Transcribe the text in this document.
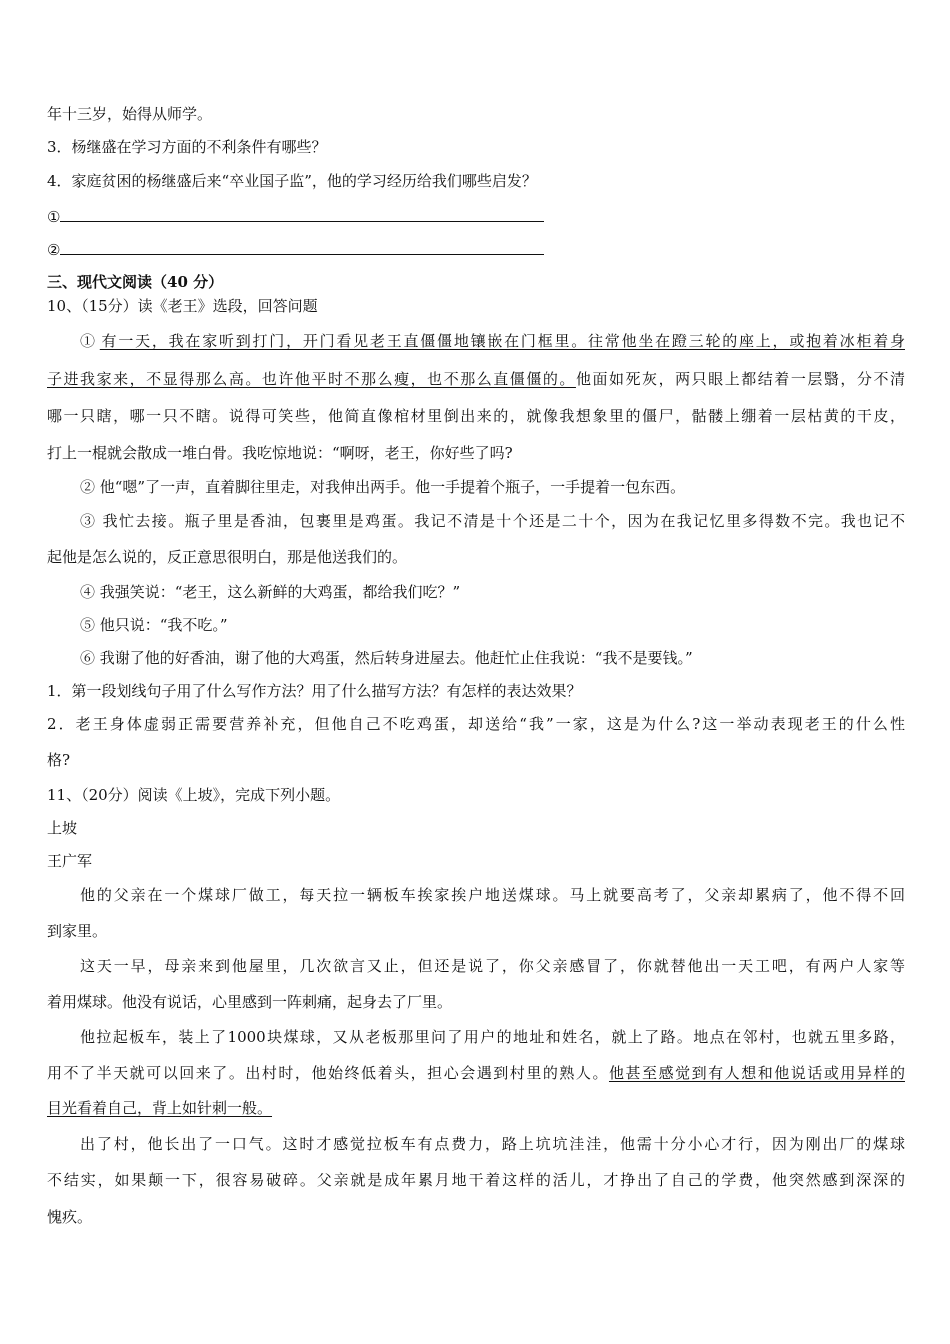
年十三岁，始得从师学。
3．杨继盛在学习方面的不利条件有哪些？
4．家庭贫困的杨继盛后来“卒业国子监”，他的学习经历给我们哪些启发？
①
②
三、现代文阅读（40 分）
10、（15分）读《老王》选段，回答问题
①  有一天，我在家听到打门，开门看见老王直僵僵地镶嵌在门框里。往常他坐在蹬三轮的座上，或抱着冰柜着身
子进我家来，不显得那么高。也许他平时不那么瘦，也不那么直僵僵的。他面如死灰，两只眼上都结着一层翳，分不清
哪一只瞎，哪一只不瞎。说得可笑些，他简直像棺材里倒出来的，就像我想象里的僵尸，骷髅上绷着一层枯黄的干皮，
打上一棍就会散成一堆白骨。我吃惊地说：“啊呀，老王，你好些了吗?
② 他“嗯”了一声，直着脚往里走，对我伸出两手。他一手提着个瓶子，一手提着一包东西。
③ 我忙去接。瓶子里是香油，包裹里是鸡蛋。我记不清是十个还是二十个，因为在我记忆里多得数不完。我也记不
起他是怎么说的，反正意思很明白，那是他送我们的。
④ 我强笑说：“老王，这么新鲜的大鸡蛋，都给我们吃？”
⑤ 他只说：“我不吃。”
⑥ 我谢了他的好香油，谢了他的大鸡蛋，然后转身进屋去。他赶忙止住我说：“我不是要钱。”
1．第一段划线句子用了什么写作方法？用了什么描写方法？有怎样的表达效果？
2．老王身体虚弱正需要营养补充，但他自己不吃鸡蛋，却送给“我”一家，这是为什么?这一举动表现老王的什么性
格?
11、（20分）阅读《上坡》，完成下列小题。
上坡
王广军
他的父亲在一个煤球厂做工，每天拉一辆板车挨家挨户地送煤球。马上就要高考了，父亲却累病了，他不得不回
到家里。
这天一早，母亲来到他屋里，几次欲言又止，但还是说了，你父亲感冒了，你就替他出一天工吧，有两户人家等
着用煤球。他没有说话，心里感到一阵刺痛，起身去了厂里。
他拉起板车，装上了1000块煤球，又从老板那里问了用户的地址和姓名，就上了路。地点在邻村，也就五里多路，
用不了半天就可以回来了。出村时，他始终低着头，担心会遇到村里的熟人。他甚至感觉到有人想和他说话或用异样的
目光看着自己，背上如针刺一般。
出了村，他长出了一口气。这时才感觉拉板车有点费力，路上坑坑洼洼，他需十分小心才行，因为刚出厂的煤球
不结实，如果颠一下，很容易破碎。父亲就是成年累月地干着这样的活儿，才挣出了自己的学费，他突然感到深深的
愧疚。
